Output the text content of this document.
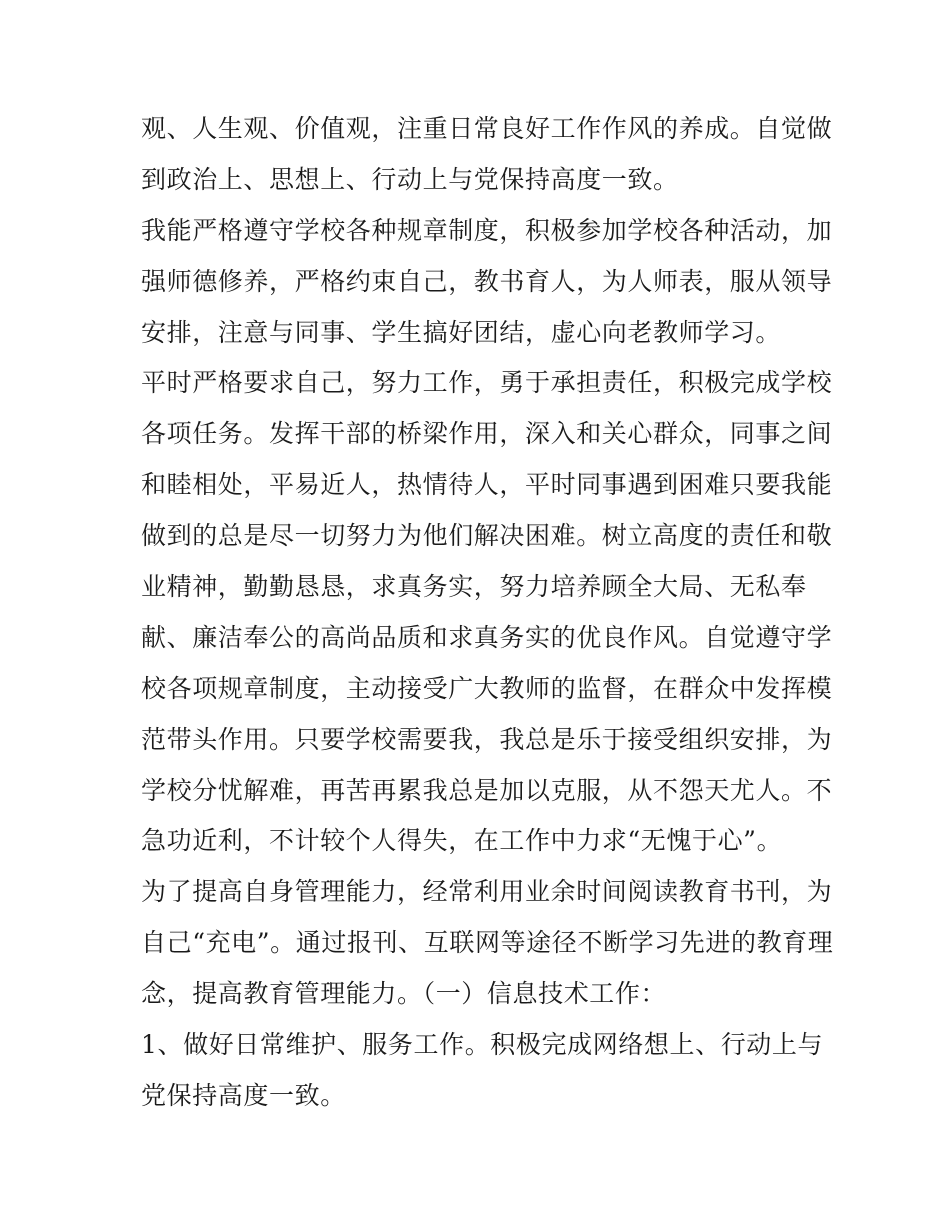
观、人生观、价值观，注重日常良好工作作风的养成。自觉做
到政治上、思想上、行动上与党保持高度一致。
我能严格遵守学校各种规章制度，积极参加学校各种活动，加
强师德修养，严格约束自己，教书育人，为人师表，服从领导
安排，注意与同事、学生搞好团结，虚心向老教师学习。
平时严格要求自己，努力工作，勇于承担责任，积极完成学校
各项任务。发挥干部的桥梁作用，深入和关心群众，同事之间
和睦相处，平易近人，热情待人，平时同事遇到困难只要我能
做到的总是尽一切努力为他们解决困难。树立高度的责任和敬
业精神，勤勤恳恳，求真务实，努力培养顾全大局、无私奉
献、廉洁奉公的高尚品质和求真务实的优良作风。自觉遵守学
校各项规章制度，主动接受广大教师的监督，在群众中发挥模
范带头作用。只要学校需要我，我总是乐于接受组织安排，为
学校分忧解难，再苦再累我总是加以克服，从不怨天尤人。不
急功近利，不计较个人得失，在工作中力求“无愧于心”。
为了提高自身管理能力，经常利用业余时间阅读教育书刊，为
自己“充电”。通过报刊、互联网等途径不断学习先进的教育理
念，提高教育管理能力。（一）信息技术工作：
1、做好日常维护、服务工作。积极完成网络想上、行动上与
党保持高度一致。
